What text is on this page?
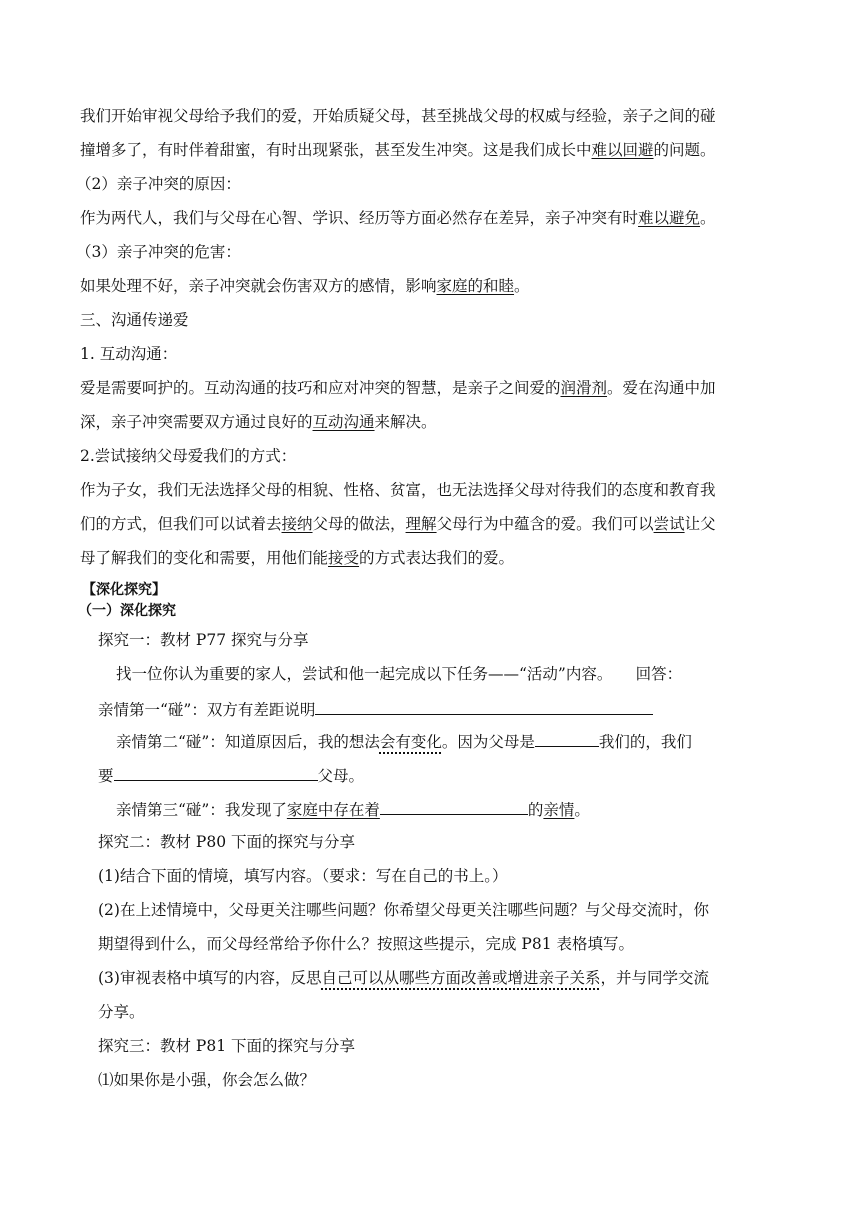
我们开始审视父母给予我们的爱，开始质疑父母，甚至挑战父母的权威与经验，亲子之间的碰
撞增多了，有时伴着甜蜜，有时出现紧张，甚至发生冲突。这是我们成长中难以回避的问题。
（2）亲子冲突的原因：
作为两代人，我们与父母在心智、学识、经历等方面必然存在差异，亲子冲突有时难以避免。
（3）亲子冲突的危害：
如果处理不好，亲子冲突就会伤害双方的感情，影响家庭的和睦。
三、沟通传递爱
1. 互动沟通：
爱是需要呵护的。互动沟通的技巧和应对冲突的智慧，是亲子之间爱的润滑剂。爱在沟通中加
深，亲子冲突需要双方通过良好的互动沟通来解决。
2.尝试接纳父母爱我们的方式：
作为子女，我们无法选择父母的相貌、性格、贫富，也无法选择父母对待我们的态度和教育我
们的方式，但我们可以试着去接纳父母的做法，理解父母行为中蕴含的爱。我们可以尝试让父
母了解我们的变化和需要，用他们能接受的方式表达我们的爱。
【深化探究】
（一）深化探究
探究一：教材 P77 探究与分享
找一位你认为重要的家人，尝试和他一起完成以下任务——“活动”内容。　　回答：
亲情第一“碰”：双方有差距说明
亲情第二“碰”：知道原因后，我的想法会有变化。因为父母是	我们的，我们
要	父母。
亲情第三“碰”：我发现了家庭中存在着	的亲情。
探究二：教材 P80 下面的探究与分享
(1)结合下面的情境，填写内容。（要求：写在自己的书上。）
(2)在上述情境中，父母更关注哪些问题？你希望父母更关注哪些问题？与父母交流时，你
期望得到什么，而父母经常给予你什么？按照这些提示，完成 P81 表格填写。
(3)审视表格中填写的内容，反思自己可以从哪些方面改善或增进亲子关系，并与同学交流
分享。
探究三：教材 P81 下面的探究与分享
⑴如果你是小强，你会怎么做？
